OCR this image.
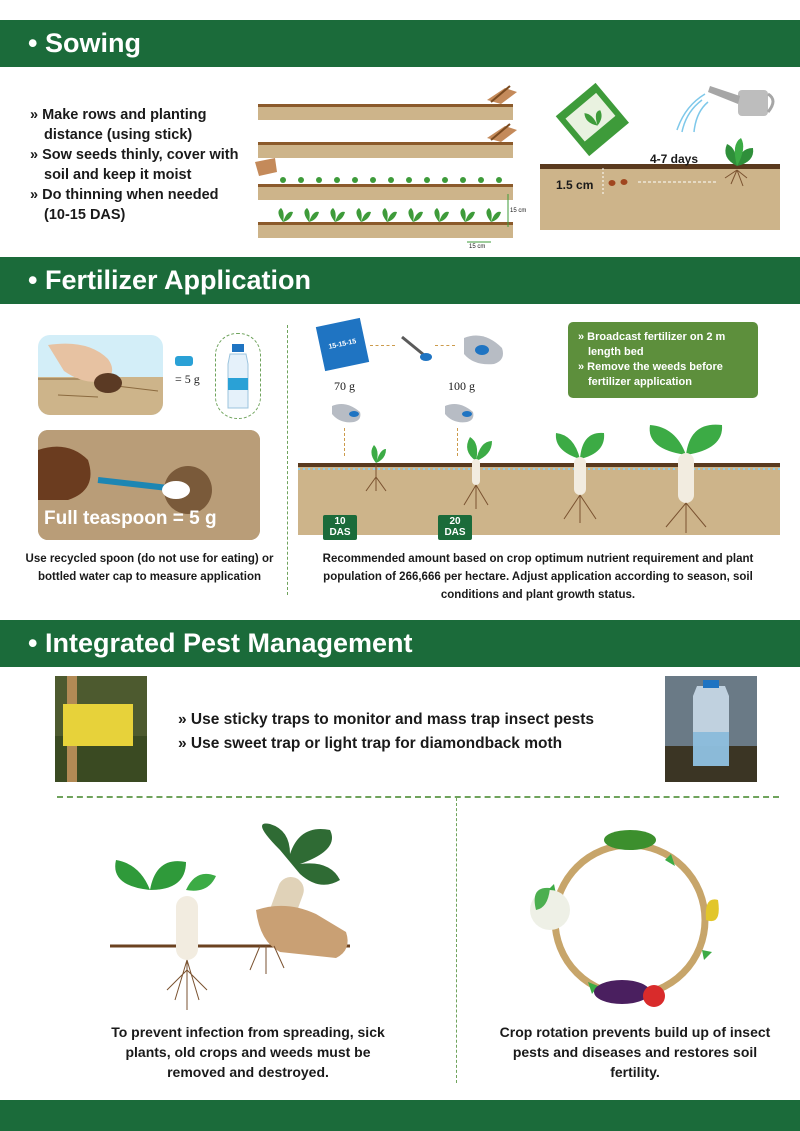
• Sowing
» Make rows and planting distance (using stick)
» Sow seeds thinly, cover with soil and keep it moist
» Do thinning when needed (10-15 DAS)	15 cm
15 cm
4-7 days
1.5 cm
• Fertilizer Application
= 5 g
Full teaspoon = 5 g
Use recycled spoon (do not use for eating) or bottled water cap to measure application
15-15-15
70 g	100 g
» Broadcast fertilizer on 2 m length bed
» Remove the weeds before fertilizer application
10 DAS
20 DAS
Recommended amount based on crop optimum nutrient requirement and plant population of 266,666 per hectare. Adjust application according to season, soil conditions and plant growth status.
• Integrated Pest Management
» Use sticky traps to monitor and mass trap insect pests
» Use sweet trap or light trap for diamondback moth
To prevent infection from spreading, sick plants, old crops and weeds must be removed and destroyed.
Crop rotation prevents build up of insect pests and diseases and restores soil fertility.
